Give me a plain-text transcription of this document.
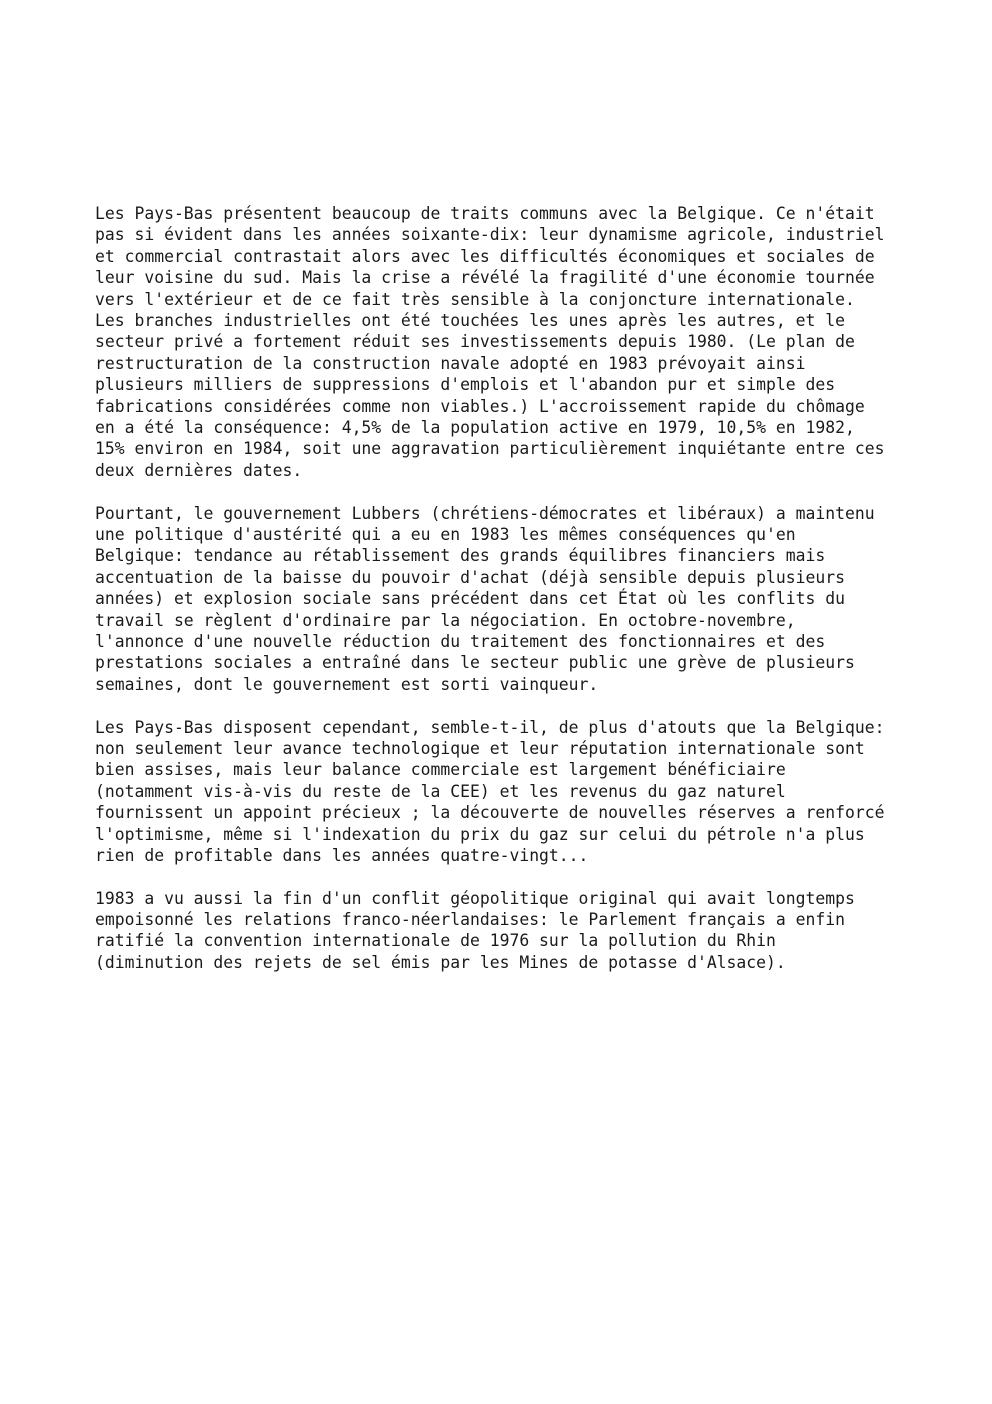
Les Pays-Bas présentent beaucoup de traits communs avec la Belgique. Ce n'était
pas si évident dans les années soixante-dix: leur dynamisme agricole, industriel
et commercial contrastait alors avec les difficultés économiques et sociales de
leur voisine du sud. Mais la crise a révélé la fragilité d'une économie tournée
vers l'extérieur et de ce fait très sensible à la conjoncture internationale.
Les branches industrielles ont été touchées les unes après les autres, et le
secteur privé a fortement réduit ses investissements depuis 1980. (Le plan de
restructuration de la construction navale adopté en 1983 prévoyait ainsi
plusieurs milliers de suppressions d'emplois et l'abandon pur et simple des
fabrications considérées comme non viables.) L'accroissement rapide du chômage
en a été la conséquence: 4,5% de la population active en 1979, 10,5% en 1982,
15% environ en 1984, soit une aggravation particulièrement inquiétante entre ces
deux dernières dates.

Pourtant, le gouvernement Lubbers (chrétiens-démocrates et libéraux) a maintenu
une politique d'austérité qui a eu en 1983 les mêmes conséquences qu'en
Belgique: tendance au rétablissement des grands équilibres financiers mais
accentuation de la baisse du pouvoir d'achat (déjà sensible depuis plusieurs
années) et explosion sociale sans précédent dans cet État où les conflits du
travail se règlent d'ordinaire par la négociation. En octobre-novembre,
l'annonce d'une nouvelle réduction du traitement des fonctionnaires et des
prestations sociales a entraîné dans le secteur public une grève de plusieurs
semaines, dont le gouvernement est sorti vainqueur.

Les Pays-Bas disposent cependant, semble-t-il, de plus d'atouts que la Belgique:
non seulement leur avance technologique et leur réputation internationale sont
bien assises, mais leur balance commerciale est largement bénéficiaire
(notamment vis-à-vis du reste de la CEE) et les revenus du gaz naturel
fournissent un appoint précieux ; la découverte de nouvelles réserves a renforcé
l'optimisme, même si l'indexation du prix du gaz sur celui du pétrole n'a plus
rien de profitable dans les années quatre-vingt...

1983 a vu aussi la fin d'un conflit géopolitique original qui avait longtemps
empoisonné les relations franco-néerlandaises: le Parlement français a enfin
ratifié la convention internationale de 1976 sur la pollution du Rhin
(diminution des rejets de sel émis par les Mines de potasse d'Alsace).
